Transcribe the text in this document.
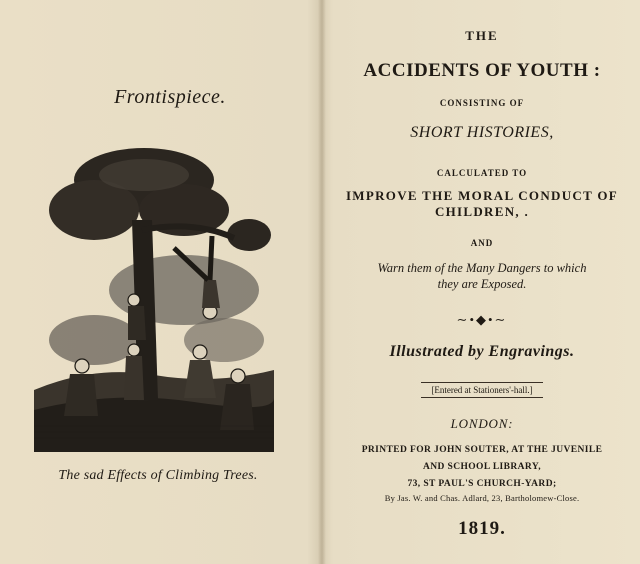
Frontispiece.
The sad Effects of Climbing Trees.
THE
ACCIDENTS OF YOUTH :
CONSISTING OF
SHORT HISTORIES,
CALCULATED TO
IMPROVE THE MORAL CONDUCT OF
CHILDREN, .
AND
Warn them of the Many Dangers to which
they are Exposed.
∼•◆•∼
Illustrated by Engravings.
[Entered at Stationers'-hall.]
LONDON:
PRINTED FOR JOHN SOUTER, AT THE JUVENILE
AND SCHOOL LIBRARY,
73, ST PAUL'S CHURCH-YARD;
By Jas. W. and Chas. Adlard, 23, Bartholomew-Close.
1819.
